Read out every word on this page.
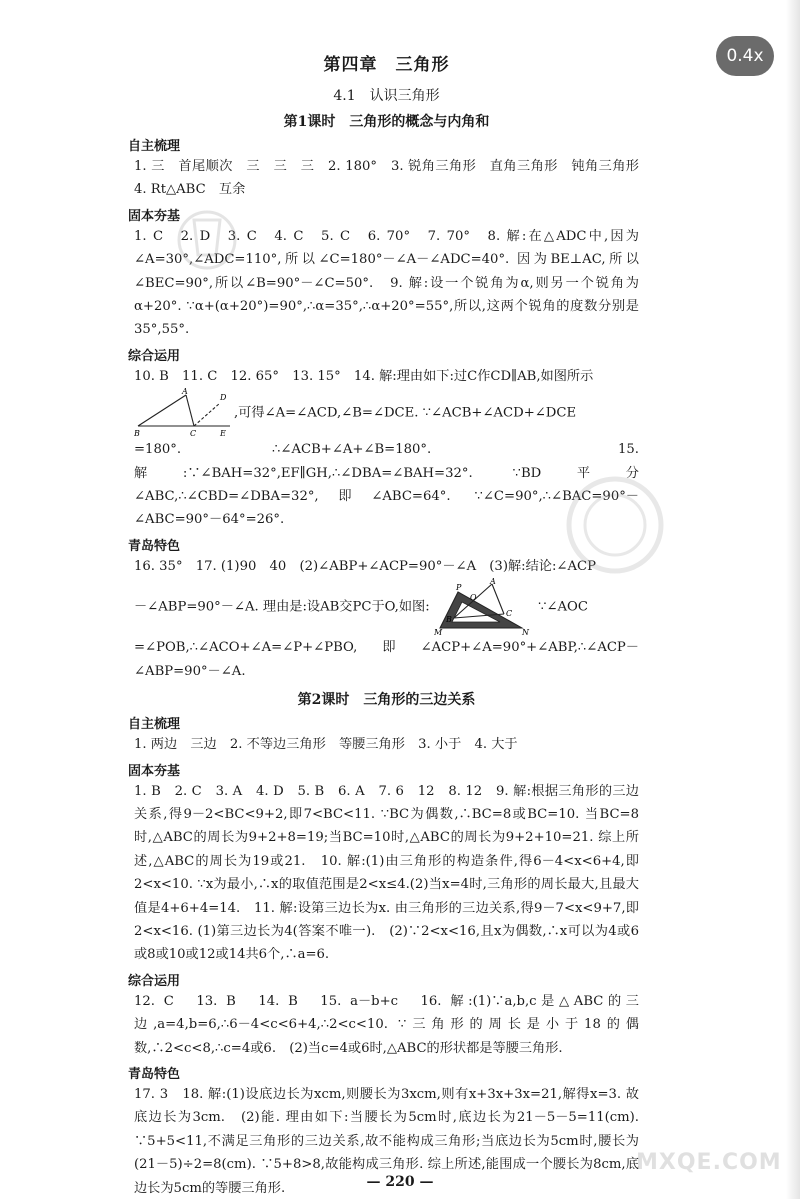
0.4x
第四章　三角形
4.1　认识三角形
第1课时　三角形的概念与内角和
自主梳理

1. 三　首尾顺次　三　三　三　2. 180°　3. 锐角三角形　直角三角形　钝角三角形　4. Rt△ABC　互余

固本夯基

1. C　2. D　3. C　4. C　5. C　6. 70°　7. 70°　8. 解:在△ADC中,因为∠A=30°,∠ADC=110°,所以∠C=180°－∠A－∠ADC=40°. 因为BE⊥AC,所以∠BEC=90°,所以∠B=90°－∠C=50°.　9. 解:设一个锐角为α,则另一个锐角为α+20°. ∵α+(α+20°)=90°,∴α=35°,∴α+20°=55°,所以,这两个锐角的度数分别是35°,55°.

综合运用

10. B　11. C　12. 65°　13. 15°　14. 解:理由如下:过C作CD∥AB,如图所示

A
B	C
D
E
,可得∠A=∠ACD,∠B=∠DCE. ∵∠ACB+∠ACD+∠DCE

=180°. ∴∠ACB+∠A+∠B=180°.　15. 解:∵∠BAH=32°,EF∥GH,∴∠DBA=∠BAH=32°. ∵BD平分∠ABC,∴∠CBD=∠DBA=32°,即∠ABC=64°. ∵∠C=90°,∴∠BAC=90°－∠ABC=90°－64°=26°.

青岛特色

16. 35°　17. (1)90　40　(2)∠ABP+∠ACP=90°－∠A　(3)解:结论:∠ACP

－∠ABP=90°－∠A. 理由是:设AB交PC于O,如图:
A
B
C
P
O
M	N
∵∠AOC

=∠POB,∴∠ACO+∠A=∠P+∠PBO,即∠ACP+∠A=90°+∠ABP,∴∠ACP－∠ABP=90°－∠A.

第2课时　三角形的三边关系
自主梳理

1. 两边　三边　2. 不等边三角形　等腰三角形　3. 小于　4. 大于

固本夯基

1. B　2. C　3. A　4. D　5. B　6. A　7. 6　12　8. 12　9. 解:根据三角形的三边关系,得9－2<BC<9+2,即7<BC<11. ∵BC为偶数,∴BC=8或BC=10. 当BC=8时,△ABC的周长为9+2+8=19;当BC=10时,△ABC的周长为9+2+10=21. 综上所述,△ABC的周长为19或21.　10. 解:(1)由三角形的构造条件,得6－4<x<6+4,即2<x<10. ∵x为最小,∴x的取值范围是2<x≤4.(2)当x=4时,三角形的周长最大,且最大值是4+6+4=14.　11. 解:设第三边长为x. 由三角形的三边关系,得9－7<x<9+7,即2<x<16. (1)第三边长为4(答案不唯一).　(2)∵2<x<16,且x为偶数,∴x可以为4或6或8或10或12或14共6个,∴a=6.

综合运用

12. C　13. B　14. B　15. a－b+c　16. 解:(1)∵a,b,c是△ABC的三边,a=4,b=6,∴6－4<c<6+4,∴2<c<10. ∵三角形的周长是小于18的偶数,∴2<c<8,∴c=4或6.　(2)当c=4或6时,△ABC的形状都是等腰三角形.

青岛特色

17. 3　18. 解:(1)设底边长为xcm,则腰长为3xcm,则有x+3x+3x=21,解得x=3. 故底边长为3cm.　(2)能. 理由如下:当腰长为5cm时,底边长为21－5－5=11(cm). ∵5+5<11,不满足三角形的三边关系,故不能构成三角形;当底边长为5cm时,腰长为(21－5)÷2=8(cm). ∵5+8>8,故能构成三角形. 综上所述,能围成一个腰长为8cm,底边长为5cm的等腰三角形.

MXQE.COM
— 220 —
